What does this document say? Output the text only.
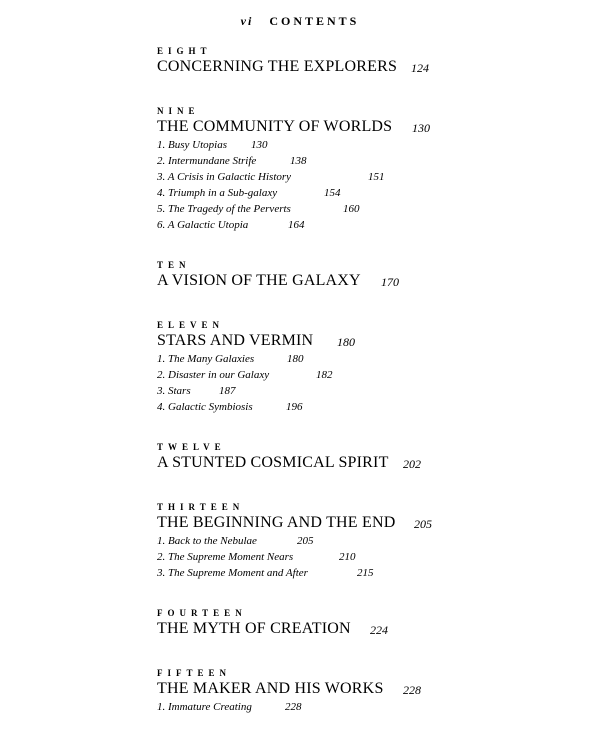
vi CONTENTS
EIGHT
CONCERNING THE EXPLORERS 124
NINE
THE COMMUNITY OF WORLDS 130
1. Busy Utopias 130
2. Intermundane Strife	138
3. A Crisis in Galactic History	151
4. Triumph in a Sub-galaxy	154
5. The Tragedy of the Perverts	160
6. A Galactic Utopia	164
TEN
A VISION OF THE GALAXY 170
ELEVEN
STARS AND VERMIN 180
1. The Many Galaxies	180
2. Disaster in our Galaxy	182
3. Stars	187
4. Galactic Symbiosis	196
TWELVE
A STUNTED COSMICAL SPIRIT 202
THIRTEEN
THE BEGINNING AND THE END 205
1. Back to the Nebulae	205
2. The Supreme Moment Nears	210
3. The Supreme Moment and After	215
FOURTEEN
THE MYTH OF CREATION 224
FIFTEEN
THE MAKER AND HIS WORKS 228
1. Immature Creating	228
